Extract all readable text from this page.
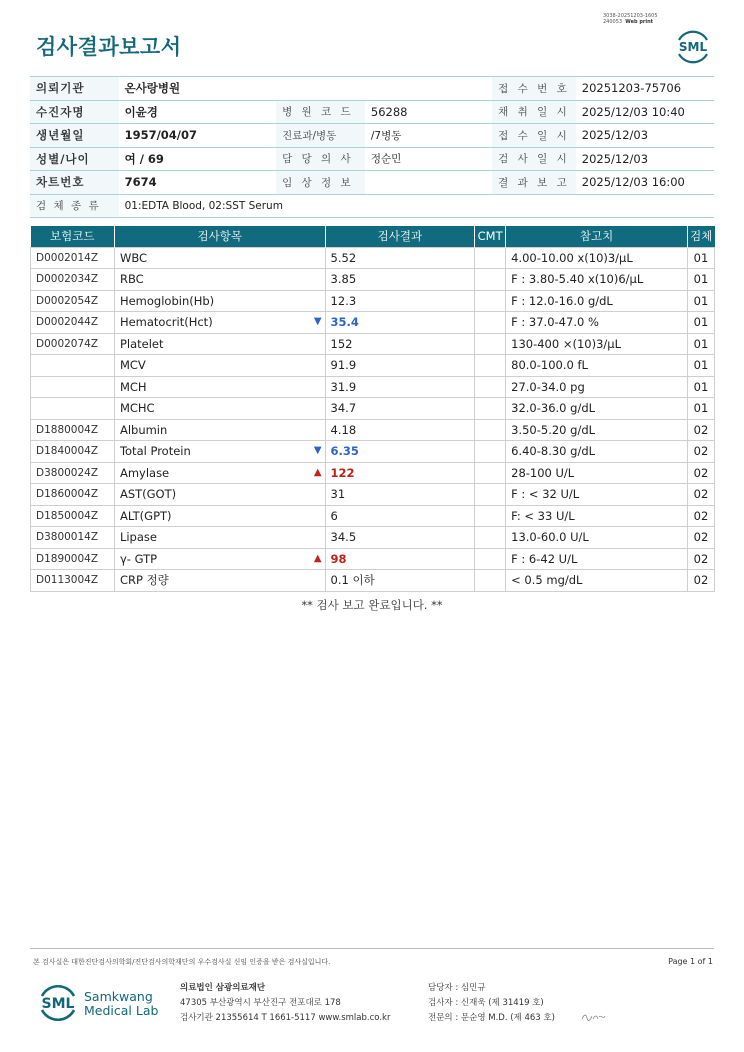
3038-20251203-1605
240053 Web print
검사결과보고서	SML
의뢰기관	온사랑병원			접 수 번 호	20251203-75706
수진자명	이윤경	병 원 코 드	56288	채 취 일 시	2025/12/03 10:40
생년월일	1957/04/07	진료과/병동	/7병동	접 수 일 시	2025/12/03
성별/나이	여 / 69	담 당 의 사	정순민	검 사 일 시	2025/12/03
차트번호	7674	임 상 정 보		결 과 보 고	2025/12/03 16:00
검 체 종 류	01:EDTA Blood, 02:SST Serum				
보험코드	검사항목	검사결과	CMT	참고치	검체
D0002014Z	WBC	5.52		4.00-10.00 x(10)3/μL	01
D0002034Z	RBC	3.85		F : 3.80-5.40 x(10)6/μL	01
D0002054Z	Hemoglobin(Hb)	12.3		F : 12.0-16.0 g/dL	01
D0002044Z	Hematocrit(Hct) ▼	35.4		F : 37.0-47.0 %	01
D0002074Z	Platelet	152		130-400 ×(10)3/μL	01
	MCV	91.9		80.0-100.0 fL	01
	MCH	31.9		27.0-34.0 pg	01
	MCHC	34.7		32.0-36.0 g/dL	01
D1880004Z	Albumin	4.18		3.50-5.20 g/dL	02
D1840004Z	Total Protein ▼	6.35		6.40-8.30 g/dL	02
D3800024Z	Amylase ▲	122		28-100 U/L	02
D1860004Z	AST(GOT)	31		F : < 32 U/L	02
D1850004Z	ALT(GPT)	6		F: < 33 U/L	02
D3800014Z	Lipase	34.5		13.0-60.0 U/L	02
D1890004Z	γ- GTP ▲	98		F : 6-42 U/L	02
D0113004Z	CRP 정량	0.1 이하		< 0.5 mg/dL	02
** 검사 보고 완료입니다. **
본 검사실은 대한진단검사의학회/진단검사의학재단의 우수검사실 신임 인증을 받은 검사실입니다.	Page 1 of 1
SML Samkwang
Medical Lab
의료법인 삼광의료재단
47305 부산광역시 부산진구 전포대로 178
검사기관 21355614 T 1661-5117 www.smlab.co.kr
담당자 : 심민규
검사자 : 신재욱 (제 31419 호)
전문의 : 문순영 M.D. (제 463 호)
